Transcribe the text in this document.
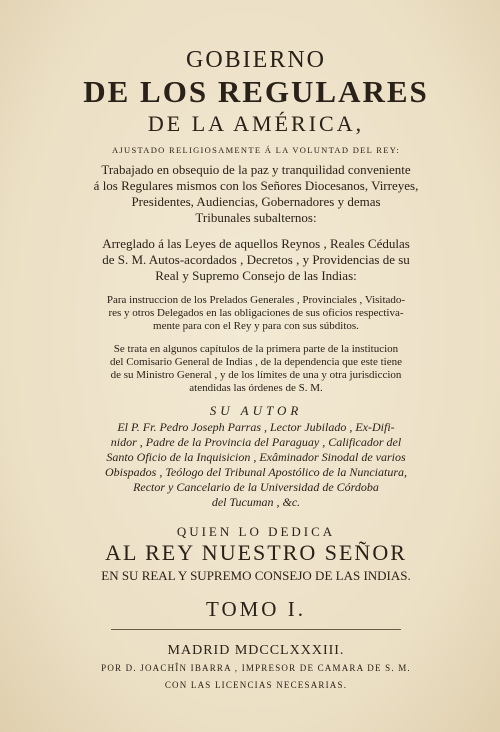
GOBIERNO
DE LOS REGULARES
DE LA AMÉRICA,
AJUSTADO RELIGIOSAMENTE Á LA VOLUNTAD DEL REY:
Trabajado en obsequio de la paz y tranquilidad conveniente
á los Regulares mismos con los Señores Diocesanos, Virreyes,
Presidentes, Audiencias, Gobernadores y demas
Tribunales subalternos:
Arreglado á las Leyes de aquellos Reynos , Reales Cédulas
de S. M. Autos-acordados , Decretos , y Providencias de su
Real y Supremo Consejo de las Indias:
Para instruccion de los Prelados Generales , Provinciales , Visitado-
res y otros Delegados en las obligaciones de sus oficios respectiva-
mente para con el Rey y para con sus súbditos.
Se trata en algunos capítulos de la primera parte de la institucion
del Comisario General de Indias , de la dependencia que este tiene
de su Ministro General , y de los límites de una y otra jurisdiccion
atendidas las órdenes de S. M.
SU AUTOR
El P. Fr. Pedro Joseph Parras , Lector Jubilado , Ex-Difi-
nidor , Padre de la Provincia del Paraguay , Calificador del
Santo Oficio de la Inquisicion , Exâminador Sinodal de varios
Obispados , Teólogo del Tribunal Apostólico de la Nunciatura,
Rector y Cancelario de la Universidad de Córdoba
del Tucuman , &c.
QUIEN LO DEDICA
AL REY NUESTRO SEÑOR
EN SU REAL Y SUPREMO CONSEJO DE LAS INDIAS.
TOMO I.
MADRID MDCCLXXXIII.
POR D. JOACHÎN IBARRA , IMPRESOR DE CAMARA DE S. M.
CON LAS LICENCIAS NECESARIAS.
